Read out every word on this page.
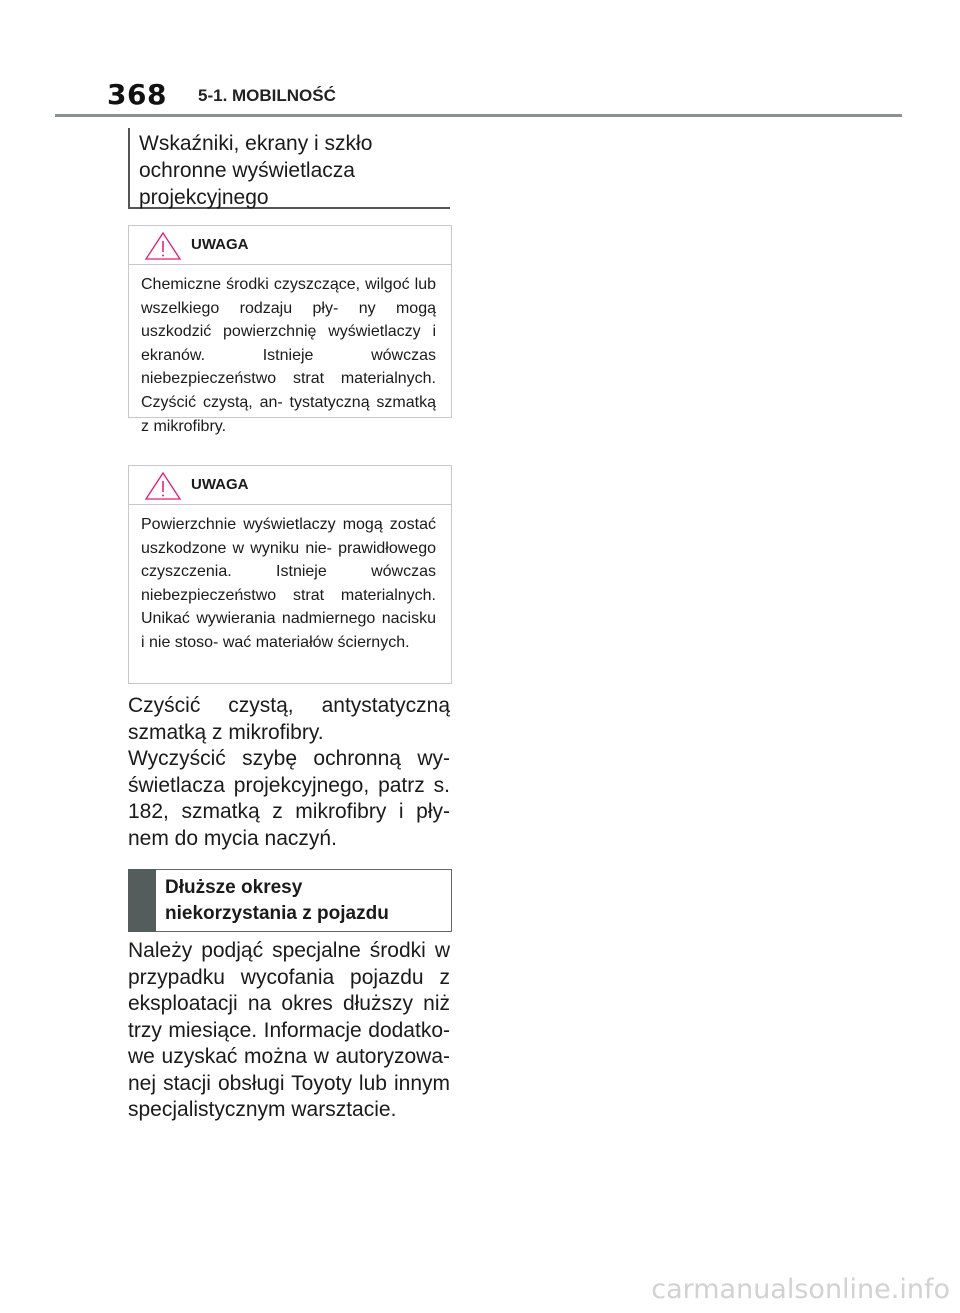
368 5-1. MOBILNOŚĆ
Wskaźniki, ekrany i szkło
ochronne wyświetlacza
projekcyjnego
UWAGA
Chemiczne środki czyszczące, wilgoć lub wszelkiego rodzaju pły- ny mogą uszkodzić powierzchnię wyświetlaczy i ekranów. Istnieje wówczas niebezpieczeństwo strat materialnych. Czyścić czystą, an- tystatyczną szmatką z mikrofibry.
UWAGA
Powierzchnie wyświetlaczy mogą zostać uszkodzone w wyniku nie- prawidłowego czyszczenia. Istnieje wówczas niebezpieczeństwo strat materialnych. Unikać wywierania nadmiernego nacisku i nie stoso- wać materiałów ściernych.
Czyścić czystą, antystatyczną szmatką z mikrofibry.
Wyczyścić szybę ochronną wy- świetlacza projekcyjnego, patrz s. 182, szmatką z mikrofibry i pły- nem do mycia naczyń.
Dłuższe okresy
niekorzystania z pojazdu
Należy podjąć specjalne środki w przypadku wycofania pojazdu z eksploatacji na okres dłuższy niż trzy miesiące. Informacje dodatko- we uzyskać można w autoryzowa- nej stacji obsługi Toyoty lub innym specjalistycznym warsztacie.
carmanualsonline.info
